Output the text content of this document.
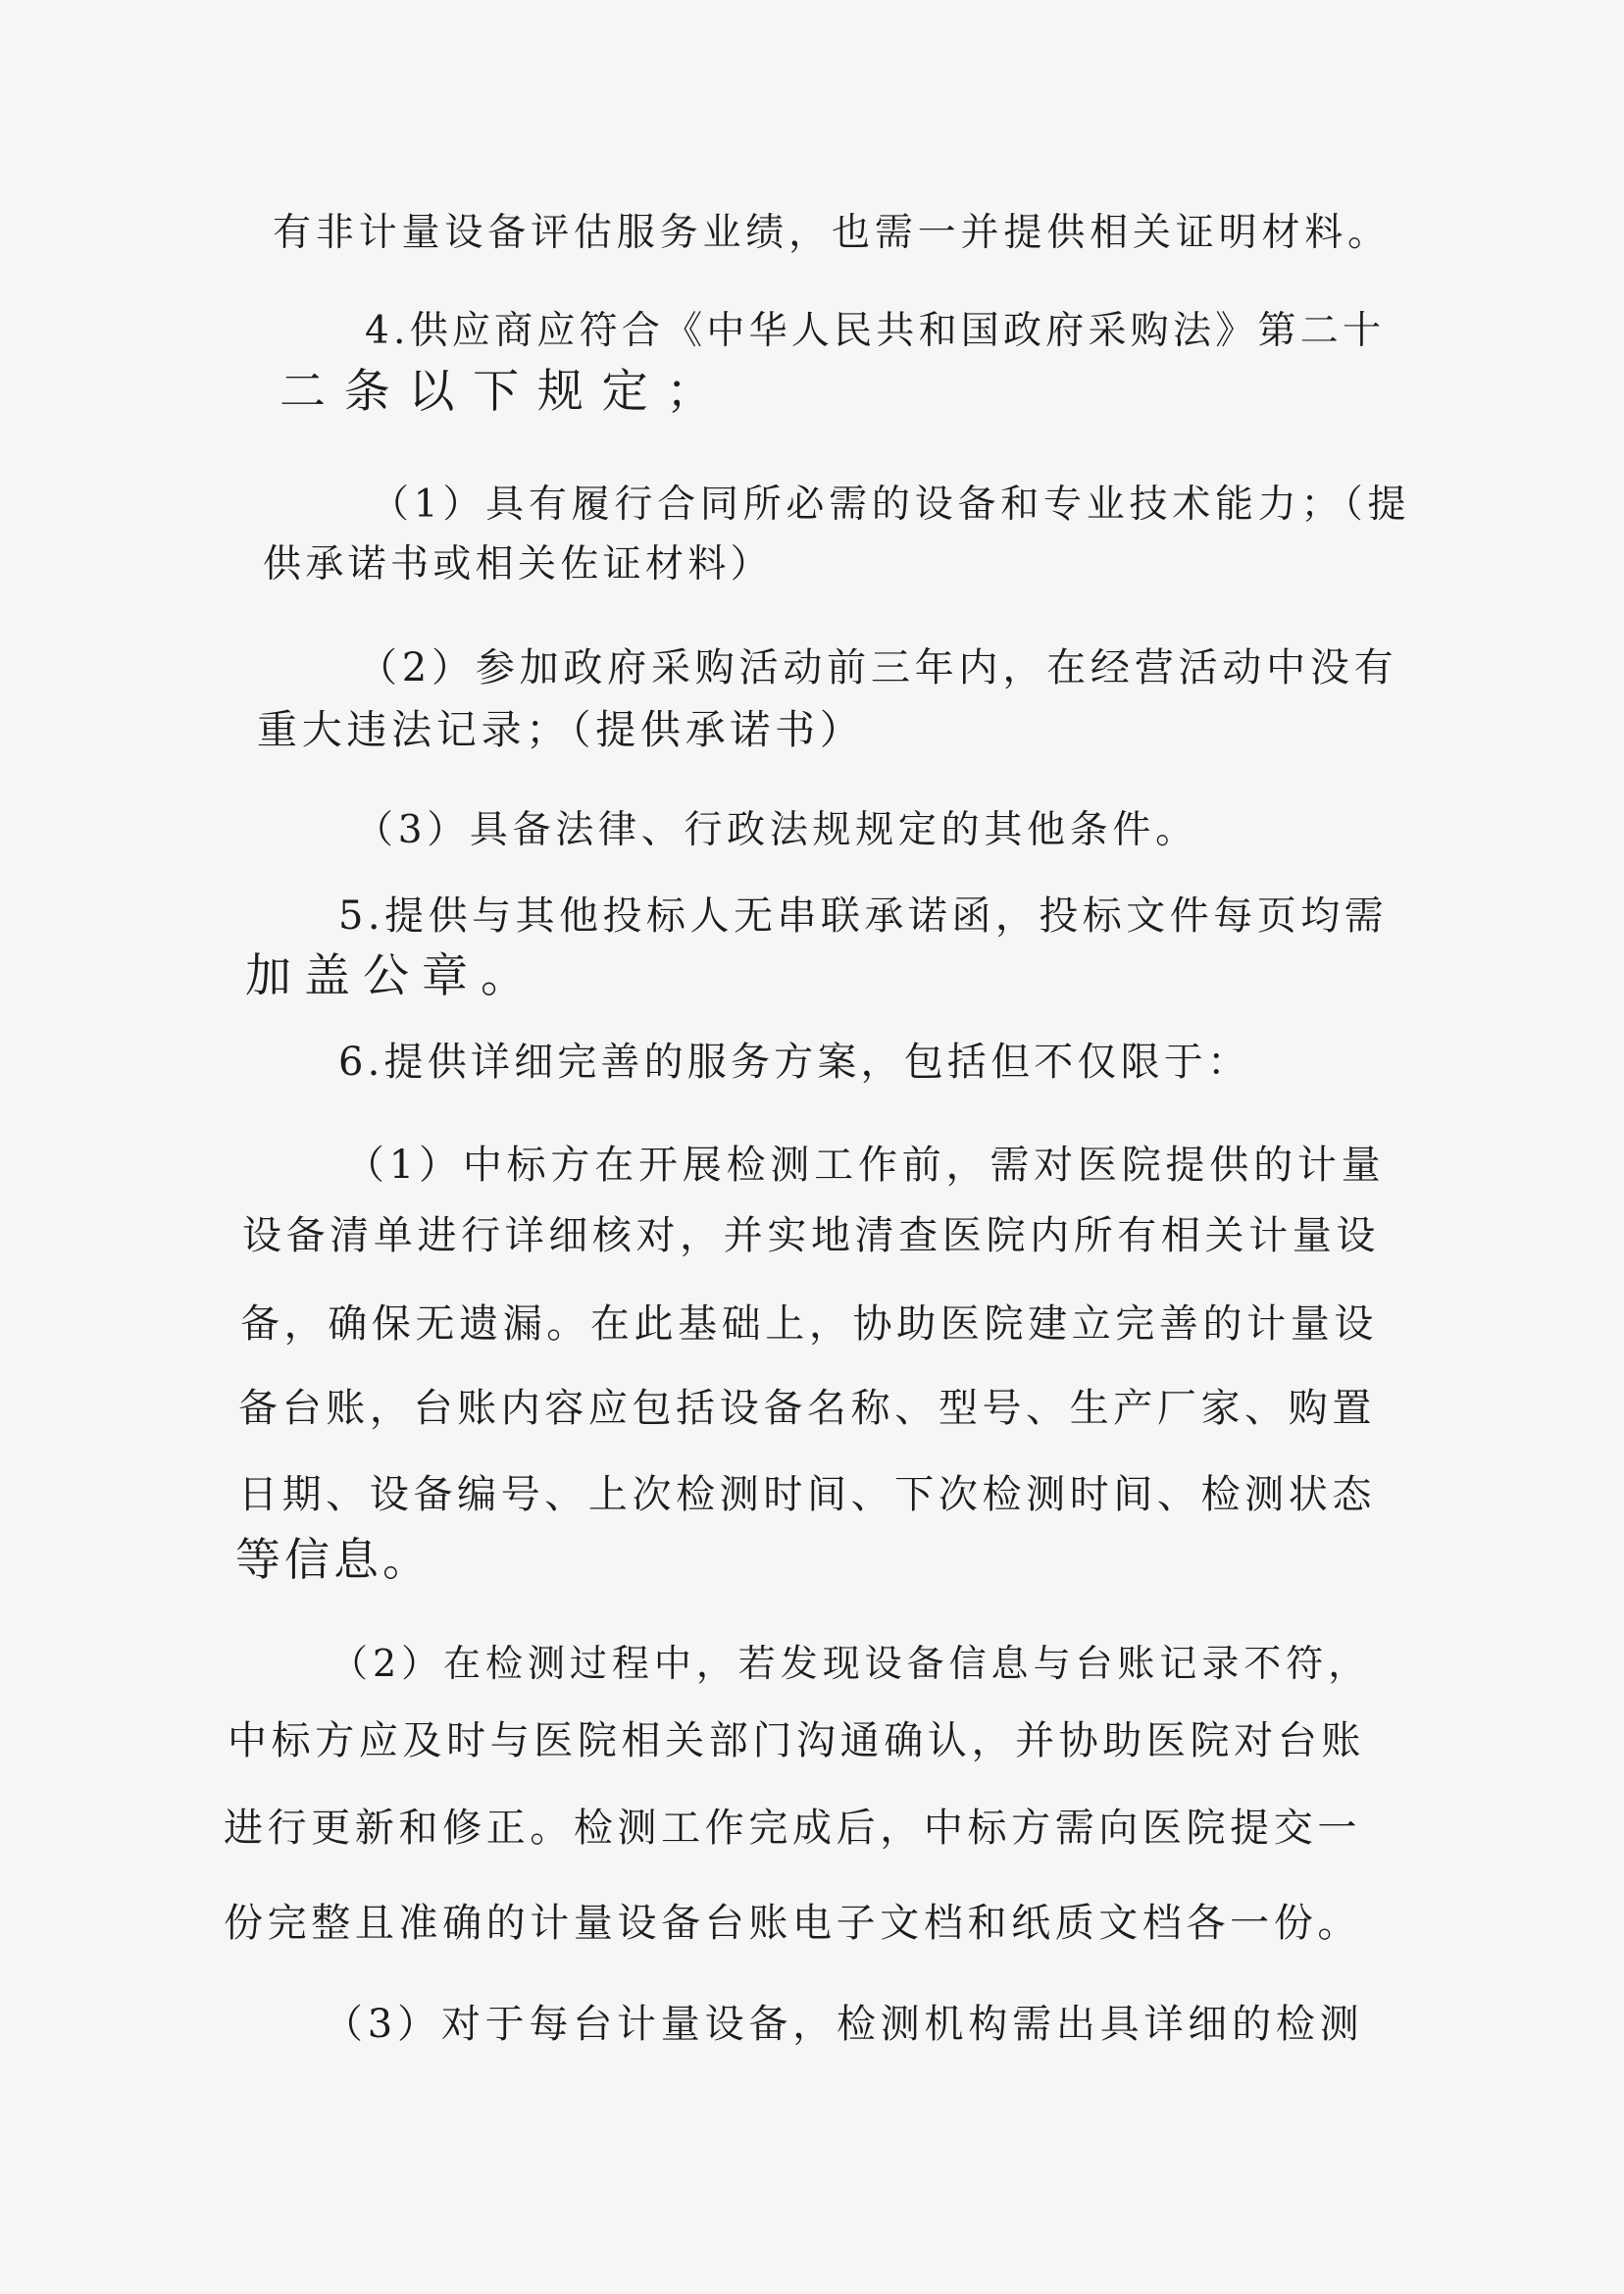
有非计量设备评估服务业绩，也需一并提供相关证明材料。

4.供应商应符合《中华人民共和国政府采购法》第二十

二条以下规定；

（1）具有履行合同所必需的设备和专业技术能力；（提

供承诺书或相关佐证材料）

（2）参加政府采购活动前三年内，在经营活动中没有

重大违法记录；（提供承诺书）

（3）具备法律、行政法规规定的其他条件。

5.提供与其他投标人无串联承诺函，投标文件每页均需

加盖公章。

6.提供详细完善的服务方案，包括但不仅限于：

（1）中标方在开展检测工作前，需对医院提供的计量

设备清单进行详细核对，并实地清查医院内所有相关计量设

备，确保无遗漏。在此基础上，协助医院建立完善的计量设

备台账，台账内容应包括设备名称、型号、生产厂家、购置

日期、设备编号、上次检测时间、下次检测时间、检测状态

等信息。

（2）在检测过程中，若发现设备信息与台账记录不符，

中标方应及时与医院相关部门沟通确认，并协助医院对台账

进行更新和修正。检测工作完成后，中标方需向医院提交一

份完整且准确的计量设备台账电子文档和纸质文档各一份。

（3）对于每台计量设备，检测机构需出具详细的检测
